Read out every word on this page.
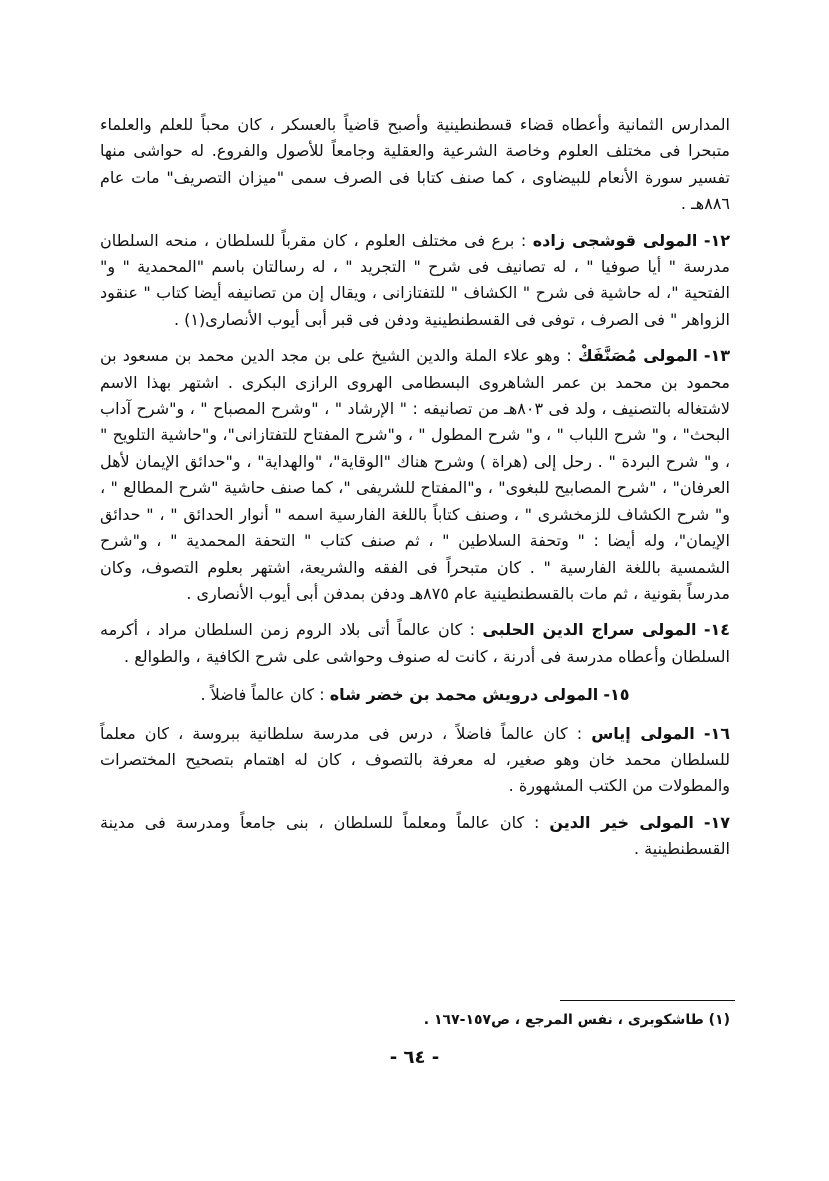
المدارس الثمانية وأعطاه قضاء قسطنطينية وأصبح قاضياً بالعسكر ، كان محباً للعلم والعلماء متبحرا فى مختلف العلوم وخاصة الشرعية والعقلية وجامعاً للأصول والفروع. له حواشى منها تفسير سورة الأنعام للبيضاوى ، كما صنف كتابا فى الصرف سمى "ميزان التصريف" مات عام ٨٨٦هـ .

١٢- المولى قوشجى زاده : برع فى مختلف العلوم ، كان مقرباً للسلطان ، منحه السلطان مدرسة " أيا صوفيا " ، له تصانيف فى شرح " التجريد " ، له رسالتان باسم "المحمدية " و" الفتحية "، له حاشية فى شرح " الكشاف " للتفتازانى ، ويقال إن من تصانيفه أيضا كتاب " عنقود الزواهر " فى الصرف ، توفى فى القسطنطينية ودفن فى قبر أبى أيوب الأنصارى(١) .

١٣- المولى مُصَنَّفَكْ : وهو علاء الملة والدين الشيخ على بن مجد الدين محمد بن مسعود بن محمود بن محمد بن عمر الشاهروى البسطامى الهروى الرازى البكرى . اشتهر بهذا الاسم لاشتغاله بالتصنيف ، ولد فى ٨٠٣هـ من تصانيفه : " الإرشاد " ، "وشرح المصباح " ، و"شرح آداب البحث" ، و" شرح اللباب " ، و" شرح المطول " ، و"شرح المفتاح للتفتازانى"، و"حاشية التلويح " ، و" شرح البردة " . رحل إلى (هراة ) وشرح هناك "الوقاية"، "والهداية" ، و"حدائق الإيمان لأهل العرفان" ، "شرح المصابيح للبغوى" ، و"المفتاح للشريفى "، كما صنف حاشية "شرح المطالع " ، و" شرح الكشاف للزمخشرى " ، وصنف كتاباً باللغة الفارسية اسمه " أنوار الحدائق " ، " حدائق الإيمان"، وله أيضا : " وتحفة السلاطين " ، ثم صنف كتاب " التحفة المحمدية " ، و"شرح الشمسية باللغة الفارسية " . كان متبحراً فى الفقه والشريعة، اشتهر بعلوم التصوف، وكان مدرساً بقونية ، ثم مات بالقسطنطينية عام ٨٧٥هـ ودفن بمدفن أبى أيوب الأنصارى .

١٤- المولى سراج الدين الحلبى : كان عالماً أتى بلاد الروم زمن السلطان مراد ، أكرمه السلطان وأعطاه مدرسة فى أدرنة ، كانت له صنوف وحواشى على شرح الكافية ، والطوالع .

١٥- المولى درويش محمد بن خضر شاه : كان عالماً فاضلاً .

١٦- المولى إياس : كان عالماً فاضلاً ، درس فى مدرسة سلطانية ببروسة ، كان معلماً للسلطان محمد خان وهو صغير، له معرفة بالتصوف ، كان له اهتمام بتصحيح المختصرات والمطولات من الكتب المشهورة .

١٧- المولى خير الدين : كان عالماً ومعلماً للسلطان ، بنى جامعاً ومدرسة فى مدينة القسطنطينية .

(١) طاشكوبرى ، نفس المرجع ، ص١٥٧-١٦٧ .
- ٦٤ -
